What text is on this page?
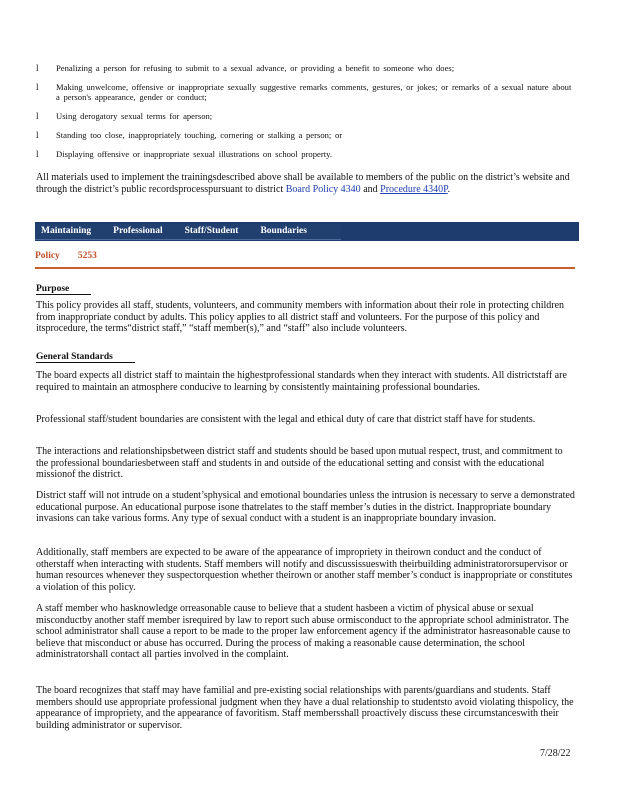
l	Penalizing a person for refusing to submit to a sexual advance, or providing a benefit to someone who does;
l	Making unwelcome, offensive or inappropriate sexually suggestive remarks comments, gestures, or jokes; or remarks of a sexual nature about a person's appearance, gender or conduct;
l	Using derogatory sexual terms for aperson;
l	Standing too close, inappropriately touching, cornering or stalking a person; or
l	Displaying offensive or inappropriate sexual illustrations on school property.

All materials used to implement the trainingsdescribed above shall be available to members of the public on the district’s website and through the district’s public recordsprocesspursuant to district Board Policy 4340 and Procedure 4340P.

Maintaining Professional Staff/Student Boundaries
Policy 5253
Purpose

This policy provides all staff, students, volunteers, and community members with information about their role in protecting children from inappropriate conduct by adults. This policy applies to all district staff and volunteers. For the purpose of this policy and itsprocedure, the terms“district staff,” “staff member(s),” and “staff” also include volunteers.

General Standards

The board expects all district staff to maintain the highestprofessional standards when they interact with students. All districtstaff are required to maintain an atmosphere conducive to learning by consistently maintaining professional boundaries.

Professional staff/student boundaries are consistent with the legal and ethical duty of care that district staff have for students.

The interactions and relationshipsbetween district staff and students should be based upon mutual respect, trust, and commitment to the professional boundariesbetween staff and students in and outside of the educational setting and consist with the educational missionof the district.

District staff will not intrude on a student’sphysical and emotional boundaries unless the intrusion is necessary to serve a demonstrated educational purpose. An educational purpose isone thatrelates to the staff member’s duties in the district. Inappropriate boundary invasions can take various forms. Any type of sexual conduct with a student is an inappropriate boundary invasion.

Additionally, staff members are expected to be aware of the appearance of impropriety in theirown conduct and the conduct of otherstaff when interacting with students. Staff members will notify and discussissueswith theirbuilding administratororsupervisor or human resources whenever they suspectorquestion whether theirown or another staff member’s conduct is inappropriate or constitutes a violation of this policy.

A staff member who hasknowledge orreasonable cause to believe that a student hasbeen a victim of physical abuse or sexual misconductby another staff member isrequired by law to report such abuse ormisconduct to the appropriate school administrator. The school administrator shall cause a report to be made to the proper law enforcement agency if the administrator hasreasonable cause to believe that misconduct or abuse has occurred. During the process of making a reasonable cause determination, the school administratorshall contact all parties involved in the complaint.

The board recognizes that staff may have familial and pre-existing social relationships with parents/guardians and students. Staff members should use appropriate professional judgment when they have a dual relationship to studentsto avoid violating thispolicy, the appearance of impropriety, and the appearance of favoritism. Staff membersshall proactively discuss these circumstanceswith their building administrator or supervisor.

7/28/22
